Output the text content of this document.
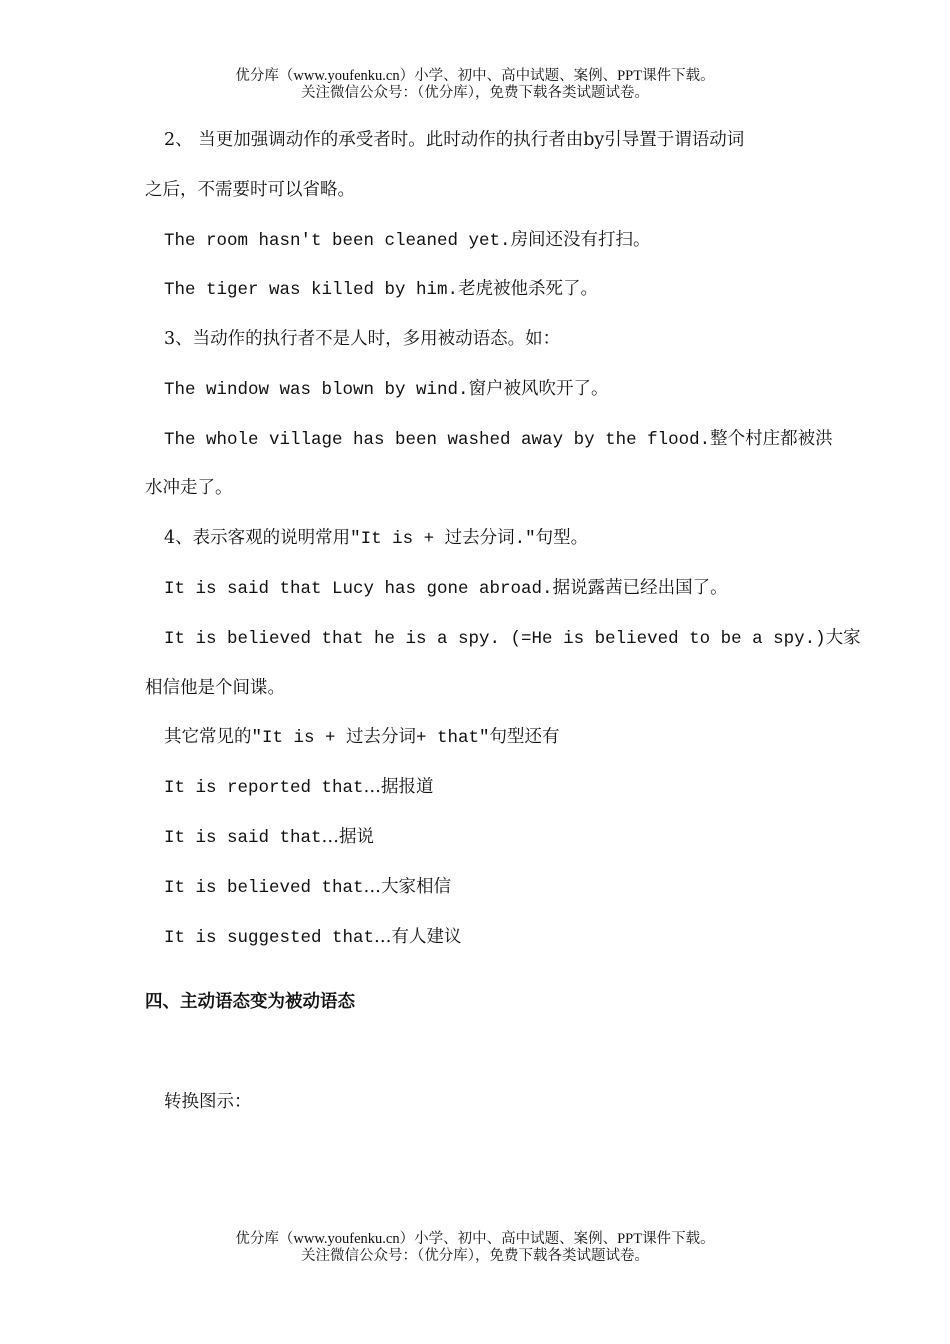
优分库（www.youfenku.cn）小学、初中、高中试题、案例、PPT课件下载。
关注微信公众号：（优分库），免费下载各类试题试卷。
2、 当更加强调动作的承受者时。此时动作的执行者由by引导置于谓语动词
之后，不需要时可以省略。
The room hasn't been cleaned yet.房间还没有打扫。
The tiger was killed by him.老虎被他杀死了。
3、当动作的执行者不是人时，多用被动语态。如：
The window was blown by wind.窗户被风吹开了。
The whole village has been washed away by the flood.整个村庄都被洪
水冲走了。
4、表示客观的说明常用"It is + 过去分词."句型。
It is said that Lucy has gone abroad.据说露茜已经出国了。
It is believed that he is a spy. (=He is believed to be a spy.)大家
相信他是个间谍。
其它常见的"It is + 过去分词+ that"句型还有
It is reported that…据报道
It is said that…据说
It is believed that…大家相信
It is suggested that…有人建议
四、主动语态变为被动语态
转换图示：
优分库（www.youfenku.cn）小学、初中、高中试题、案例、PPT课件下载。
关注微信公众号：（优分库），免费下载各类试题试卷。
